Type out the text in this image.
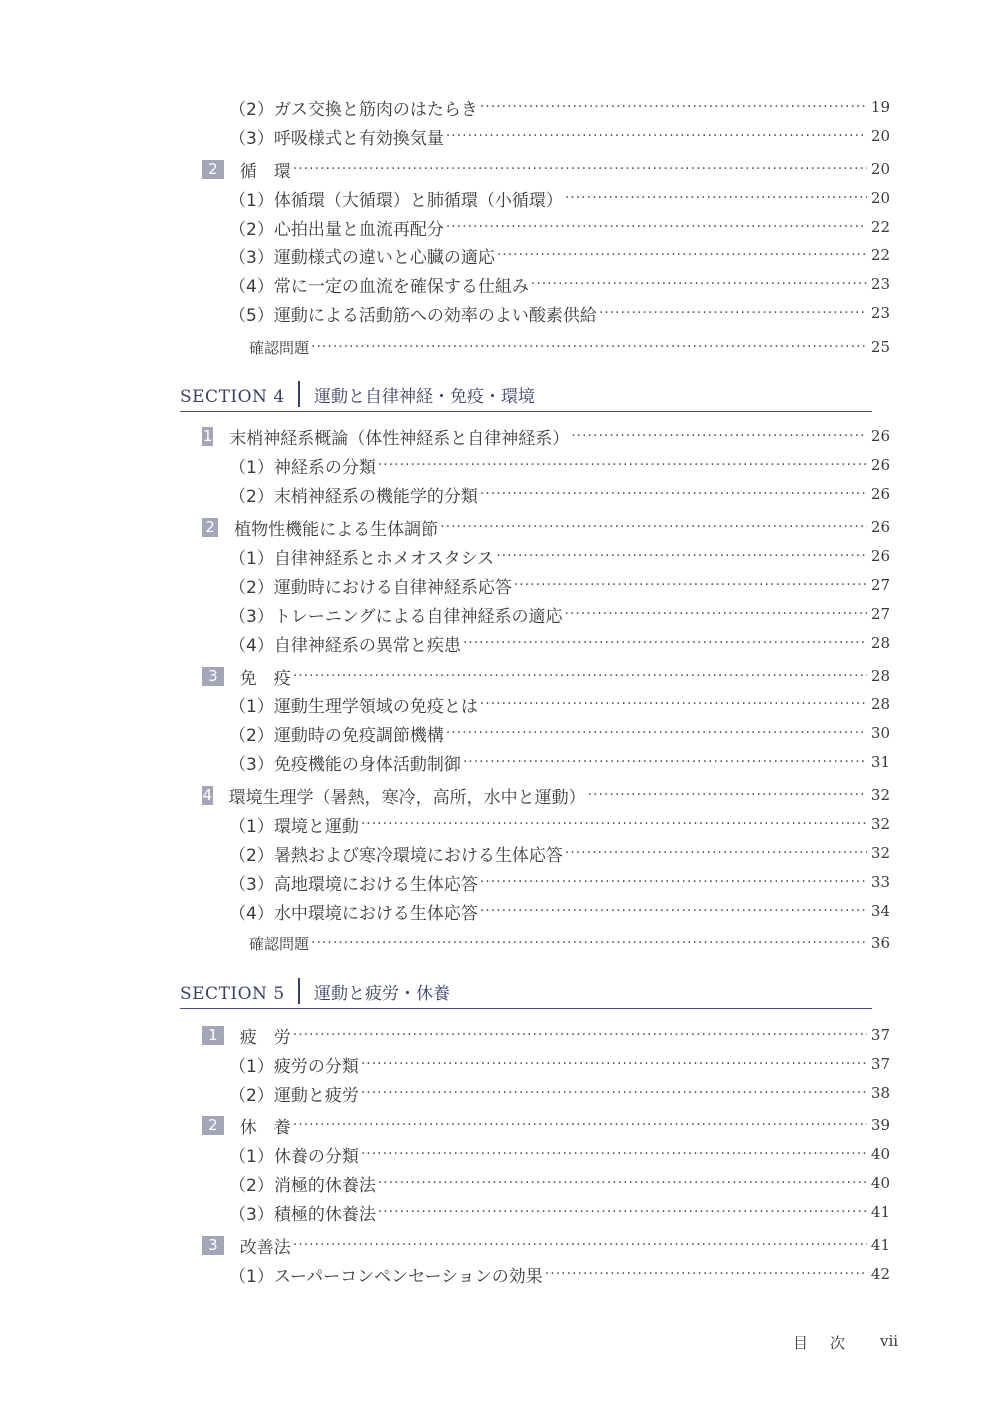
（2） ガス交換と筋肉のはたらき ·····	19
（3） 呼吸様式と有効換気量 ·····	20
2	循　環 ·····	20
（1） 体循環（大循環）と肺循環（小循環） ·····	20
（2） 心拍出量と血流再配分 ·····	22
（3） 運動様式の違いと心臓の適応 ·····	22
（4） 常に一定の血流を確保する仕組み ·····	23
（5） 運動による活動筋への効率のよい酸素供給 ·····	23
確認問題 ·····	25
SECTION 4 運動と自律神経・免疫・環境
1 末梢神経系概論（体性神経系と自律神経系） ·····	26
（1） 神経系の分類 ·····	26
（2） 末梢神経系の機能学的分類 ·····	26
2 植物性機能による生体調節 ·····	26
（1） 自律神経系とホメオスタシス ·····	26
（2） 運動時における自律神経系応答 ·····	27
（3） トレーニングによる自律神経系の適応 ·····	27
（4） 自律神経系の異常と疾患 ·····	28
3	免　疫 ·····	28
（1） 運動生理学領域の免疫とは ·····	28
（2） 運動時の免疫調節機構 ·····	30
（3） 免疫機能の身体活動制御 ·····	31
4 環境生理学（暑熱，寒冷，高所，水中と運動） ·····	32
（1） 環境と運動 ·····	32
（2） 暑熱および寒冷環境における生体応答 ·····	32
（3） 高地環境における生体応答 ·····	33
（4） 水中環境における生体応答 ·····	34
確認問題 ·····	36
SECTION 5 運動と疲労・休養
1	疲　労 ·····	37
（1） 疲労の分類 ·····	37
（2） 運動と疲労 ·····	38
2	休　養 ·····	39
（1） 休養の分類 ·····	40
（2） 消極的休養法 ·····	40
（3） 積極的休養法 ·····	41
3	改善法 ·····	41
（1） スーパーコンペンセーションの効果 ·····	42
目次 vii
